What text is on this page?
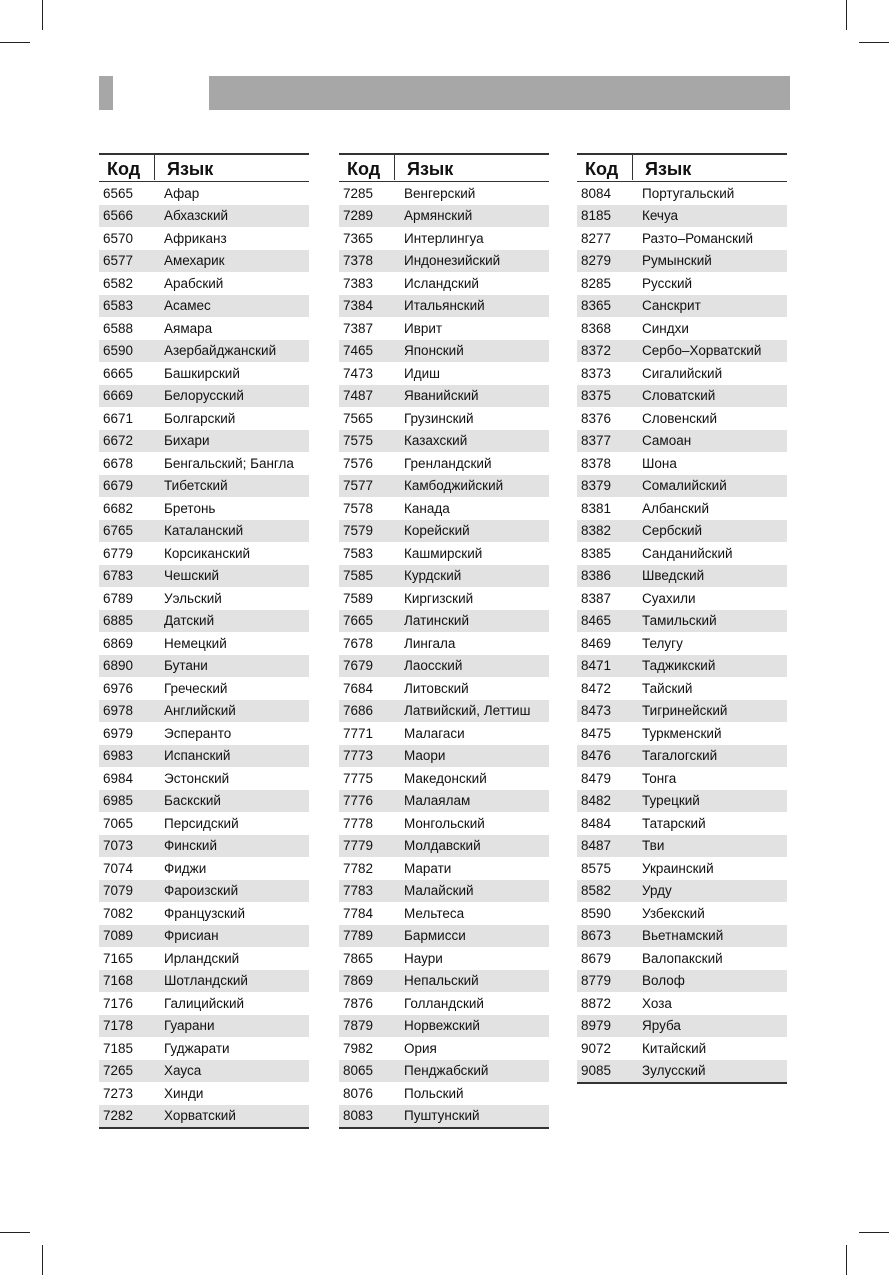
Код	Язык
6565	Афар
6566	Абхазский
6570	Африканз
6577	Амехарик
6582	Арабский
6583	Асамес
6588	Аямара
6590	Азербайджанский
6665	Башкирский
6669	Белорусский
6671	Болгарский
6672	Бихари
6678	Бенгальский; Бангла
6679	Тибетский
6682	Бретонь
6765	Каталанский
6779	Корсиканский
6783	Чешский
6789	Уэльский
6885	Датский
6869	Немецкий
6890	Бутани
6976	Греческий
6978	Английский
6979	Эсперанто
6983	Испанский
6984	Эстонский
6985	Баскский
7065	Персидский
7073	Финский
7074	Фиджи
7079	Фароизский
7082	Французский
7089	Фрисиан
7165	Ирландский
7168	Шотландский
7176	Галицийский
7178	Гуарани
7185	Гуджарати
7265	Хауса
7273	Хинди
7282	Хорватский
Код	Язык
7285	Венгерский
7289	Армянский
7365	Интерлингуа
7378	Индонезийский
7383	Исландский
7384	Итальянский
7387	Иврит
7465	Японский
7473	Идиш
7487	Яванийский
7565	Грузинский
7575	Казахский
7576	Гренландский
7577	Камбоджийский
7578	Канада
7579	Корейский
7583	Кашмирский
7585	Курдский
7589	Киргизский
7665	Латинский
7678	Лингала
7679	Лаосский
7684	Литовский
7686	Латвийский, Леттиш
7771	Малагаси
7773	Маори
7775	Македонский
7776	Малаялам
7778	Монгольский
7779	Молдавский
7782	Марати
7783	Малайский
7784	Мельтеса
7789	Бармисси
7865	Наури
7869	Непальский
7876	Голландский
7879	Норвежский
7982	Ория
8065	Пенджабский
8076	Польский
8083	Пуштунский
Код	Язык
8084	Португальский
8185	Кечуа
8277	Разто–Романский
8279	Румынский
8285	Русский
8365	Санскрит
8368	Синдхи
8372	Сербо–Хорватский
8373	Сигалийский
8375	Словатский
8376	Словенский
8377	Самоан
8378	Шона
8379	Сомалийский
8381	Албанский
8382	Сербский
8385	Санданийский
8386	Шведский
8387	Суахили
8465	Тамильский
8469	Телугу
8471	Таджикский
8472	Тайский
8473	Тигринейский
8475	Туркменский
8476	Тагалогский
8479	Тонга
8482	Турецкий
8484	Татарский
8487	Тви
8575	Украинский
8582	Урду
8590	Узбекский
8673	Вьетнамский
8679	Валопакский
8779	Волоф
8872	Хоза
8979	Яруба
9072	Китайский
9085	Зулусский
